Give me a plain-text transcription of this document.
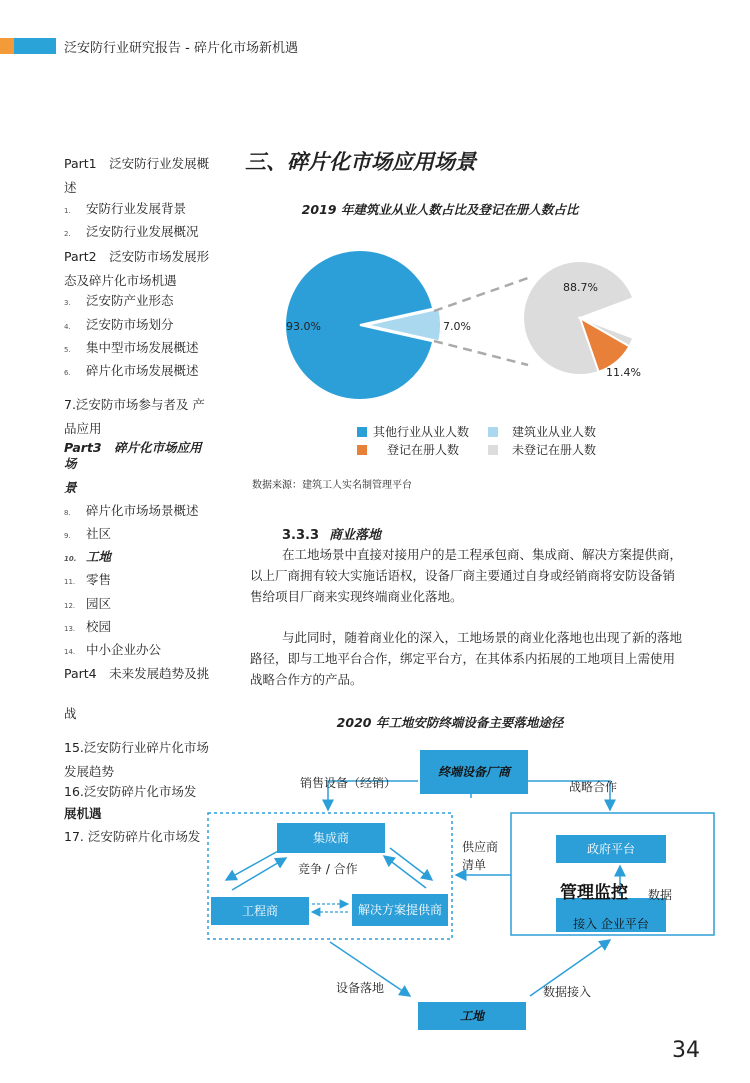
泛安防行业研究报告 - 碎片化市场新机遇
Part1　泛安防行业发展概 述
1. 安防行业发展背景
2. 泛安防行业发展概况
Part2　泛安防市场发展形 态及碎片化市场机遇
3. 泛安防产业形态
4. 泛安防市场划分
5. 集中型市场发展概述
6. 碎片化市场发展概述
7.泛安防市场参与者及 产品应用
Part3　碎片化市场应用场
景
8. 碎片化市场场景概述
9. 社区
10. 工地
11. 零售
12. 园区
13. 校园
14. 中小企业办公
Part4　未来发展趋势及挑
战
15.泛安防行业碎片化市场发展趋势
16.泛安防碎片化市场发
展机遇
17. 泛安防碎片化市场发
三、碎片化市场应用场景
2019 年建筑业从业人数占比及登记在册人数占比
93.0%	7.0%
88.7%
11.4%
其他行业从业人数	建筑业从业人数
登记在册人数	未登记在册人数
数据来源：建筑工人实名制管理平台
3.3.3 商业落地
在工地场景中直接对接用户的是工程承包商、集成商、解决方案提供商，以上厂商拥有较大实施话语权，设备厂商主要通过自身或经销商将安防设备销售给项目厂商来实现终端商业化落地。
与此同时，随着商业化的深入，工地场景的商业化落地也出现了新的落地路径，即与工地平台合作，绑定平台方，在其体系内拓展的工地项目上需使用战略合作方的产品。
2020 年工地安防终端设备主要落地途径
终端设备厂商
集成商
工程商	解决方案提供商
政府平台
接入 企业平台
工地
销售设备（经销）	战略合作
供应商清单
竞争 / 合作
管理监控 数据
设备落地	数据接入
34
